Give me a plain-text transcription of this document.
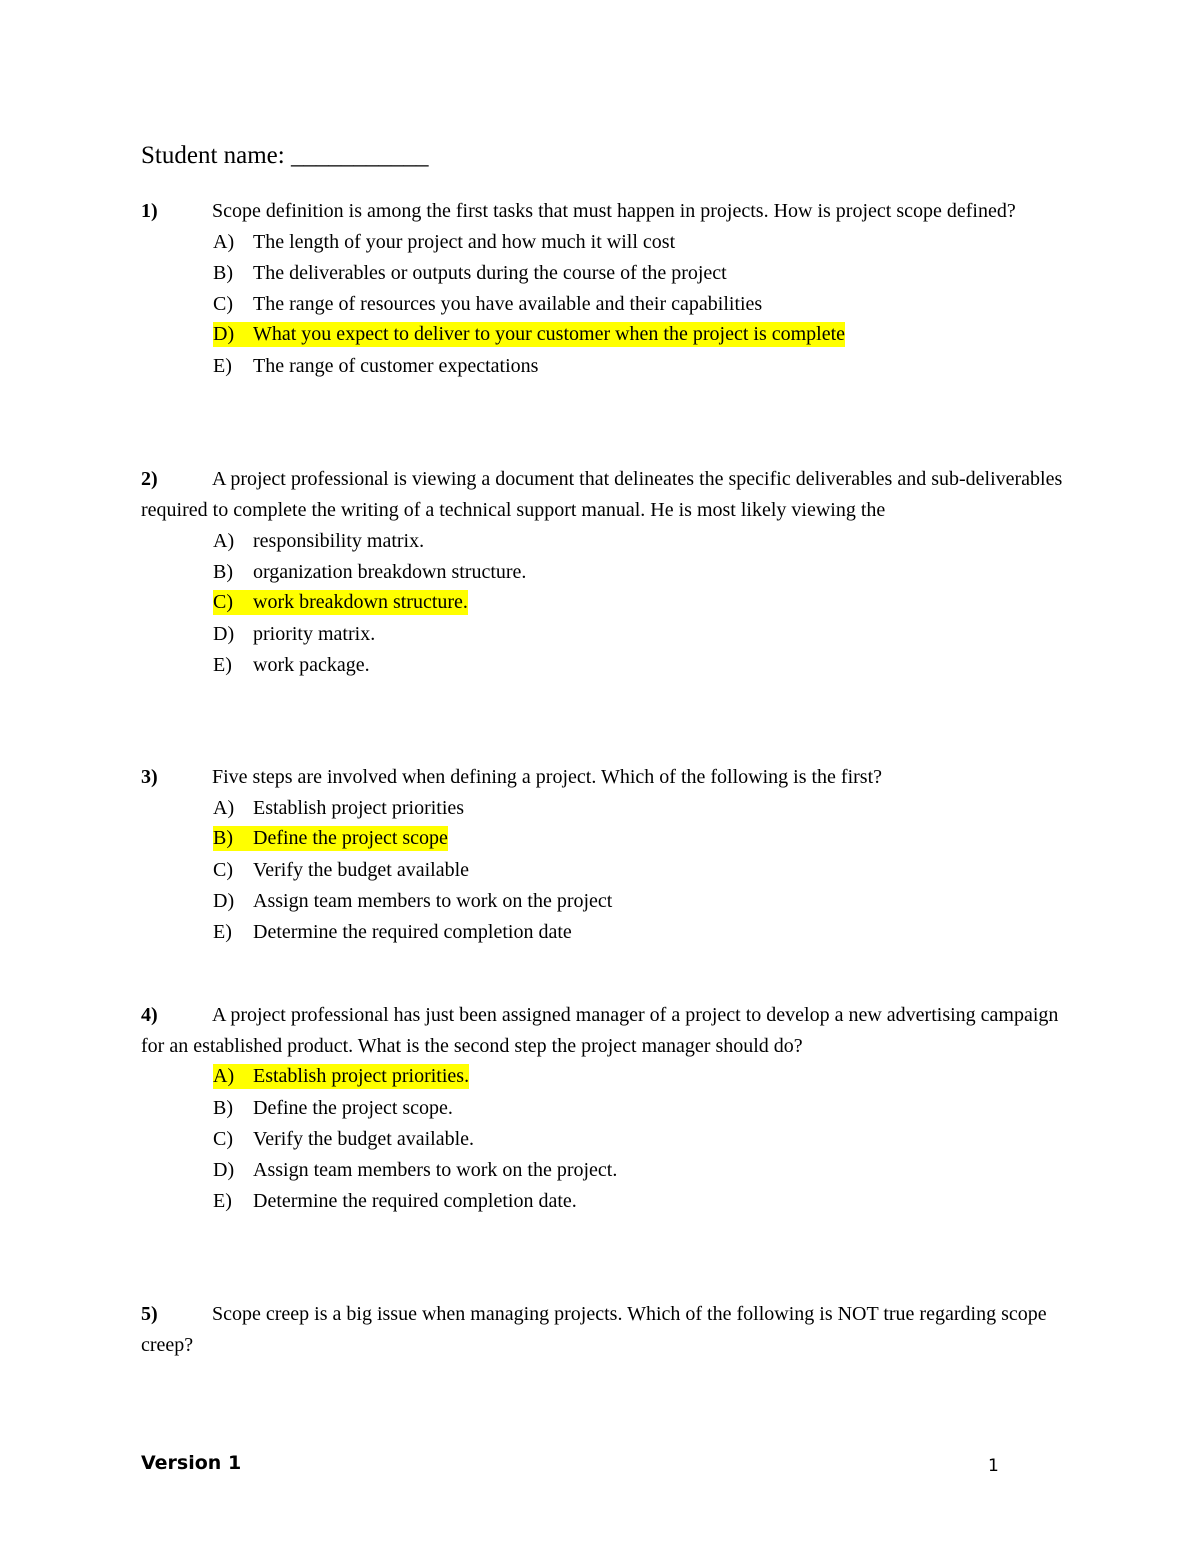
Student name: ___________

1)	Scope definition is among the first tasks that must happen in projects. How is project scope defined?

A) The length of your project and how much it will cost
B) The deliverables or outputs during the course of the project
C) The range of resources you have available and their capabilities
D) What you expect to deliver to your customer when the project is complete
E) The range of customer expectations

2)	A project professional is viewing a document that delineates the specific deliverables and sub-deliverables required to complete the writing of a technical support manual. He is most likely viewing the

A) responsibility matrix.
B) organization breakdown structure.
C) work breakdown structure.
D) priority matrix.
E) work package.

3)	Five steps are involved when defining a project. Which of the following is the first?

A) Establish project priorities
B) Define the project scope
C) Verify the budget available
D) Assign team members to work on the project
E) Determine the required completion date

4)	A project professional has just been assigned manager of a project to develop a new advertising campaign for an established product. What is the second step the project manager should do?

A) Establish project priorities.
B) Define the project scope.
C) Verify the budget available.
D) Assign team members to work on the project.
E) Determine the required completion date.

5)	Scope creep is a big issue when managing projects. Which of the following is NOT true regarding scope creep?

Version 1	1
